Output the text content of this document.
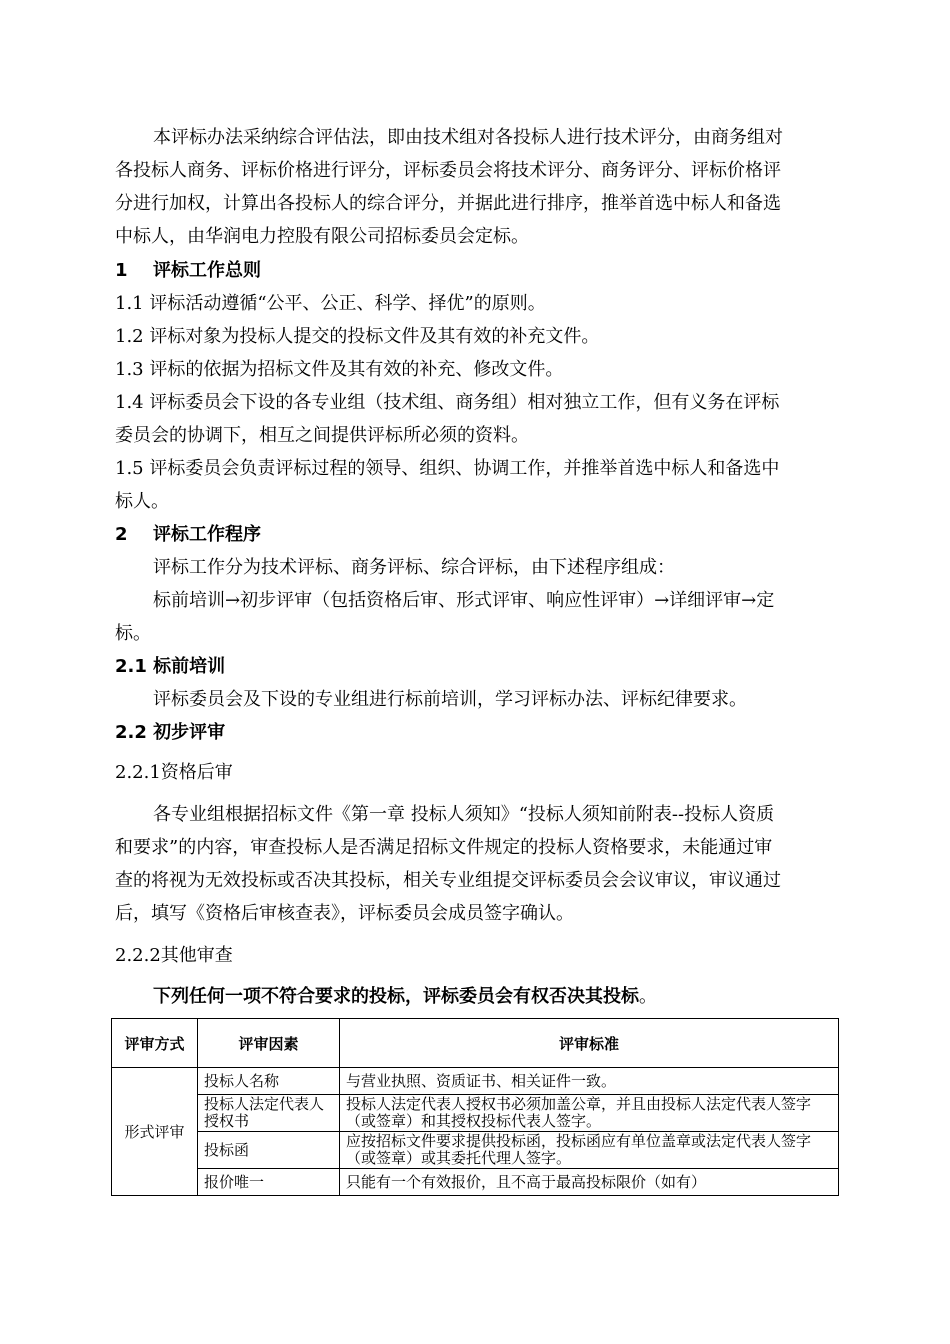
本评标办法采纳综合评估法，即由技术组对各投标人进行技术评分，由商务组对
各投标人商务、评标价格进行评分，评标委员会将技术评分、商务评分、评标价格评
分进行加权，计算出各投标人的综合评分，并据此进行排序，推举首选中标人和备选
中标人，由华润电力控股有限公司招标委员会定标。
1 评标工作总则
1.1 评标活动遵循“公平、公正、科学、择优”的原则。
1.2 评标对象为投标人提交的投标文件及其有效的补充文件。
1.3 评标的依据为招标文件及其有效的补充、修改文件。
1.4 评标委员会下设的各专业组（技术组、商务组）相对独立工作，但有义务在评标
委员会的协调下，相互之间提供评标所必须的资料。
1.5 评标委员会负责评标过程的领导、组织、协调工作，并推举首选中标人和备选中
标人。
2 评标工作程序
评标工作分为技术评标、商务评标、综合评标，由下述程序组成：
标前培训→初步评审（包括资格后审、形式评审、响应性评审）→详细评审→定
标。
2.1 标前培训
评标委员会及下设的专业组进行标前培训，学习评标办法、评标纪律要求。
2.2 初步评审
2.2.1资格后审
各专业组根据招标文件《第一章 投标人须知》“投标人须知前附表--投标人资质
和要求”的内容，审查投标人是否满足招标文件规定的投标人资格要求，未能通过审
查的将视为无效投标或否决其投标，相关专业组提交评标委员会会议审议，审议通过
后，填写《资格后审核查表》，评标委员会成员签字确认。
2.2.2其他审查
下列任何一项不符合要求的投标，评标委员会有权否决其投标。
评审方式	评审因素	评审标准
形式评审	投标人名称	与营业执照、资质证书、相关证件一致。
	投标人法定代表人授权书	投标人法定代表人授权书必须加盖公章，并且由投标人法定代表人签字（或签章）和其授权投标代表人签字。
	投标函	应按招标文件要求提供投标函，投标函应有单位盖章或法定代表人签字（或签章）或其委托代理人签字。
	报价唯一	只能有一个有效报价，且不高于最高投标限价（如有）
